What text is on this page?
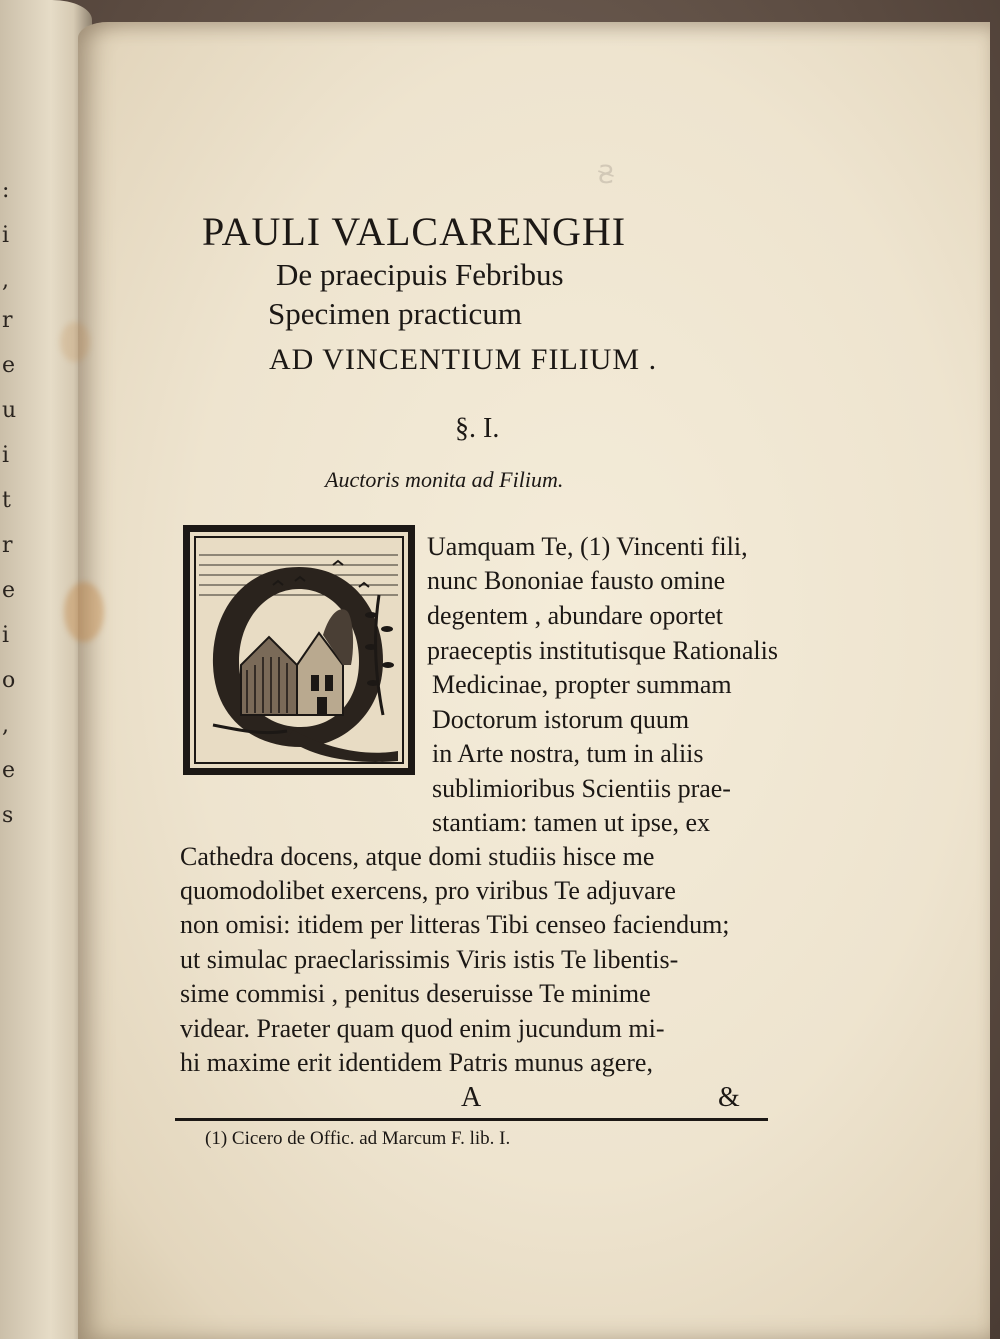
:
i
,
r
e
u
i
t
r
e
i
o
,
e
s
Ꞩ
PAULI VALCARENGHI
De praecipuis Febribus
Specimen practicum
AD VINCENTIUM FILIUM .
§. I.
Auctoris monita ad Filium.
Uamquam Te, (1) Vincenti fili,
nunc Bononiae fausto omine
degentem , abundare oportet
praeceptis institutisque Rationalis
Medicinae, propter summam
Doctorum istorum quum
in Arte nostra, tum in aliis
sublimioribus Scientiis prae-
stantiam: tamen ut ipse, ex
Cathedra docens, atque domi studiis hisce me
quomodolibet exercens, pro viribus Te adjuvare
non omisi: itidem per litteras Tibi censeo faciendum;
ut simulac praeclarissimis Viris istis Te libentis-
sime commisi , penitus deseruisse Te minime
videar. Praeter quam quod enim jucundum mi-
hi maxime erit identidem Patris munus agere,
A	&
(1) Cicero de Offic. ad Marcum F. lib. I.
